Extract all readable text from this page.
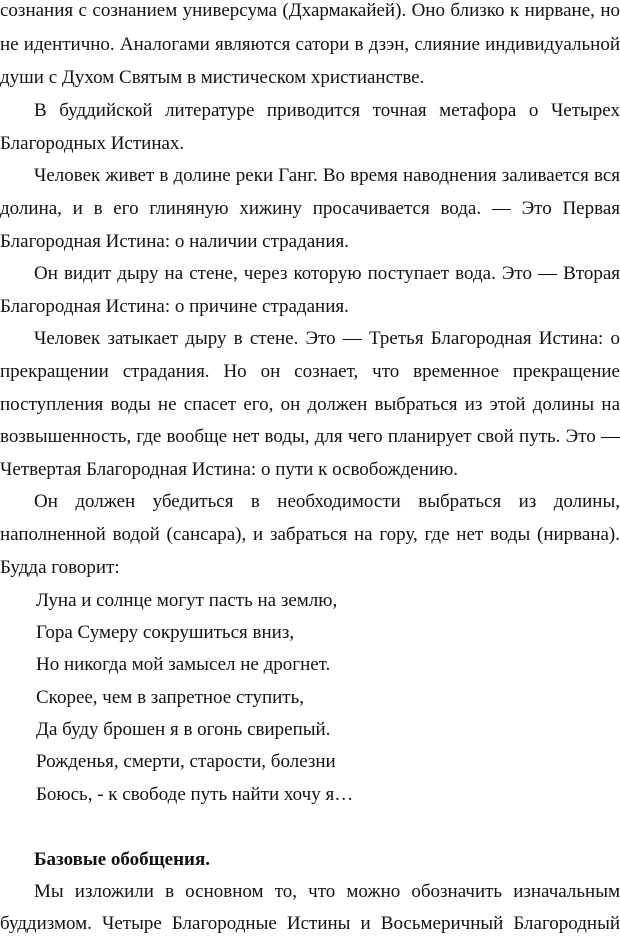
сознания с сознанием универсума (Дхармакайей). Оно близко к нирване, но
не идентично. Аналогами являются сатори в дзэн, слияние индивидуальной
души с Духом Святым в мистическом христианстве.
В буддийской литературе приводится точная метафора о Четырех
Благородных Истинах.
Человек живет в долине реки Ганг. Во время наводнения заливается вся
долина, и в его глиняную хижину просачивается вода. — Это Первая
Благородная Истина: о наличии страдания.
Он видит дыру на стене, через которую поступает вода. Это — Вторая
Благородная Истина: о причине страдания.
Человек затыкает дыру в стене. Это — Третья Благородная Истина: о
прекращении страдания. Но он сознает, что временное прекращение
поступления воды не спасет его, он должен выбраться из этой долины на
возвышенность, где вообще нет воды, для чего планирует свой путь. Это —
Четвертая Благородная Истина: о пути к освобождению.
Он должен убедиться в необходимости выбраться из долины,
наполненной водой (сансара), и забраться на гору, где нет воды (нирвана).
Будда говорит:
Луна и солнце могут пасть на землю,
Гора Сумеру сокрушиться вниз,
Но никогда мой замысел не дрогнет.
Скорее, чем в запретное ступить,
Да буду брошен я в огонь свирепый.
Рожденья, смерти, старости, болезни
Боюсь, - к свободе путь найти хочу я…
Базовые обобщения.
Мы изложили в основном то, что можно обозначить изначальным
буддизмом. Четыре Благородные Истины и Восьмеричный Благородный
